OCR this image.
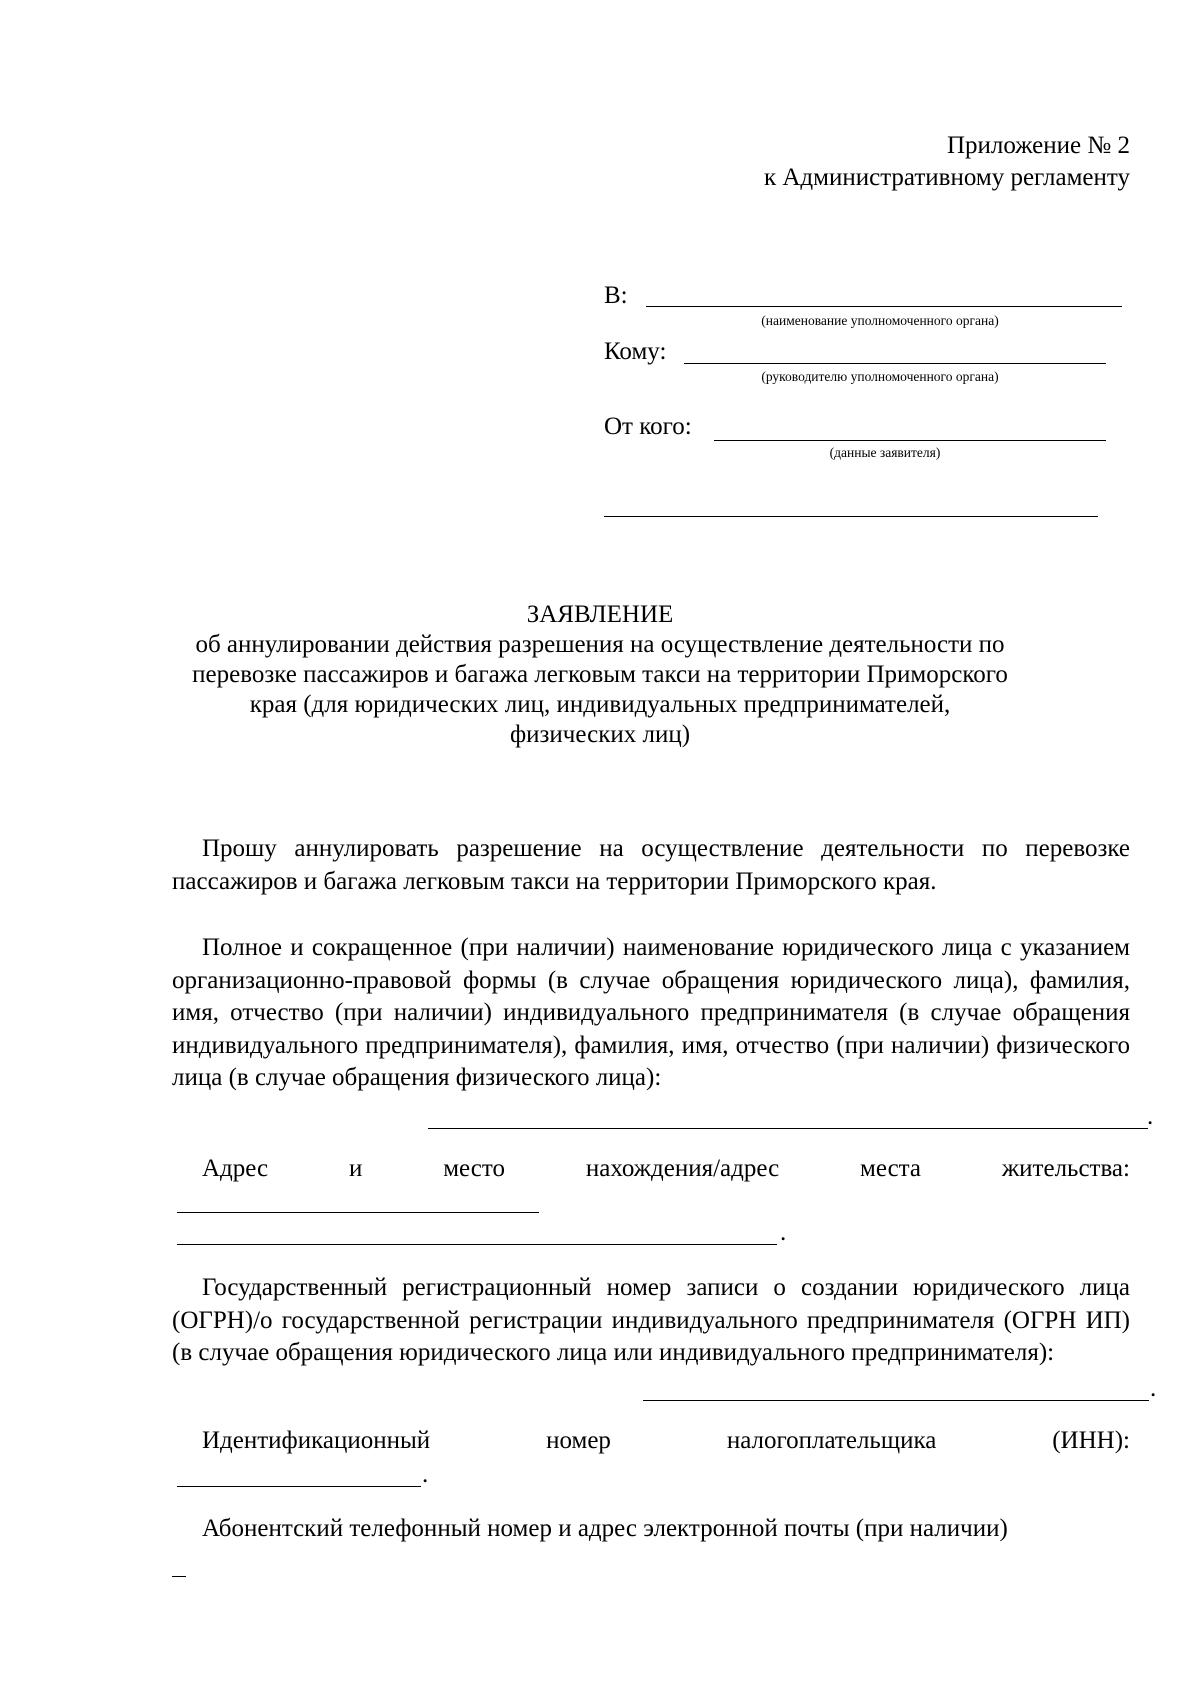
Приложение № 2
к Административному регламенту
В:
(наименование уполномоченного органа)
Кому:
(руководителю уполномоченного органа)
От кого:
(данные заявителя)
ЗАЯВЛЕНИЕ
об аннулировании действия разрешения на осуществление деятельности по
перевозке пассажиров и багажа легковым такси на территории Приморского
края (для юридических лиц, индивидуальных предпринимателей,
физических лиц)
Прошу аннулировать разрешение на осуществление деятельности по перевозке пассажиров и багажа легковым такси на территории Приморского края.
Полное и сокращенное (при наличии) наименование юридического лица с указанием организационно-правовой формы (в случае обращения юридического лица), фамилия, имя, отчество (при наличии) индивидуального предпринимателя (в случае обращения индивидуального предпринимателя), фамилия, имя, отчество (при наличии) физического лица (в случае обращения физического лица):
.
Адрес	и	место	нахождения/адрес	места	жительства:
.
Государственный регистрационный номер записи о создании юридического лица (ОГРН)/о государственной регистрации индивидуального предпринимателя (ОГРН ИП) (в случае обращения юридического лица или индивидуального предпринимателя):
.
Идентификационный	номер	налогоплательщика	(ИНН):
.
Абонентский телефонный номер и адрес электронной почты (при наличии)
